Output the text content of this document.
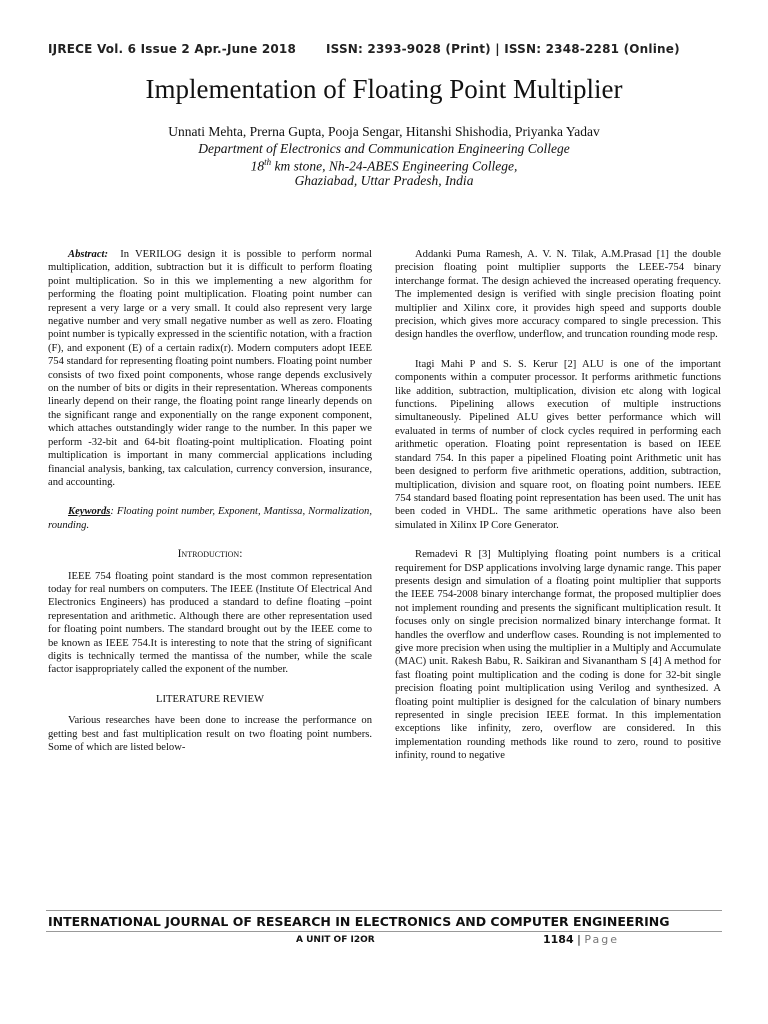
IJRECE Vol. 6 Issue 2 Apr.-June 2018 ISSN: 2393-9028 (Print) | ISSN: 2348-2281 (Online)
Implementation of Floating Point Multiplier
Unnati Mehta, Prerna Gupta, Pooja Sengar, Hitanshi Shishodia, Priyanka Yadav
Department of Electronics and Communication Engineering College
18th km stone, Nh-24-ABES Engineering College,
Ghaziabad, Uttar Pradesh, India

Abstract: In VERILOG design it is possible to perform normal multiplication, addition, subtraction but it is difficult to perform floating point multiplication. So in this we implementing a new algorithm for performing the floating point multiplication. Floating point number can represent a very large or a very small. It could also represent very large negative number and very small negative number as well as zero. Floating point number is typically expressed in the scientific notation, with a fraction (F), and exponent (E) of a certain radix(r). Modern computers adopt IEEE 754 standard for representing floating point numbers. Floating point number consists of two fixed point components, whose range depends exclusively on the number of bits or digits in their representation. Whereas components linearly depend on their range, the floating point range linearly depends on the significant range and exponentially on the range exponent component, which attaches outstandingly wider range to the number. In this paper we perform -32-bit and 64-bit floating-point multiplication. Floating point multiplication is important in many commercial applications including financial analysis, banking, tax calculation, currency conversion, insurance, and accounting.

Keywords: Floating point number, Exponent, Mantissa, Normalization, rounding.

Introduction:

IEEE 754 floating point standard is the most common representation today for real numbers on computers. The IEEE (Institute Of Electrical And Electronics Engineers) has produced a standard to define floating –point representation and arithmetic. Although there are other representation used for floating point numbers. The standard brought out by the IEEE come to be known as IEEE 754.It is interesting to note that the string of significant digits is technically termed the mantissa of the number, while the scale factor isappropriately called the exponent of the number.

LITERATURE REVIEW

Various researches have been done to increase the performance on getting best and fast multiplication result on two floating point numbers. Some of which are listed below-

Addanki Puma Ramesh, A. V. N. Tilak, A.M.Prasad [1] the double precision floating point multiplier supports the LEEE-754 binary interchange format. The design achieved the increased operating frequency. The implemented design is verified with single precision floating point multiplier and Xilinx core, it provides high speed and supports double precision, which gives more accuracy compared to single precession. This design handles the overflow, underflow, and truncation rounding mode resp.

Itagi Mahi P and S. S. Kerur [2] ALU is one of the important components within a computer processor. It performs arithmetic functions like addition, subtraction, multiplication, division etc along with logical functions. Pipelining allows execution of multiple instructions simultaneously. Pipelined ALU gives better performance which will evaluated in terms of number of clock cycles required in performing each arithmetic operation. Floating point representation is based on IEEE standard 754. In this paper a pipelined Floating point Arithmetic unit has been designed to perform five arithmetic operations, addition, subtraction, multiplication, division and square root, on floating point numbers. IEEE 754 standard based floating point representation has been used. The unit has been coded in VHDL. The same arithmetic operations have also been simulated in Xilinx IP Core Generator.

Remadevi R [3] Multiplying floating point numbers is a critical requirement for DSP applications involving large dynamic range. This paper presents design and simulation of a floating point multiplier that supports the IEEE 754-2008 binary interchange format, the proposed multiplier does not implement rounding and presents the significant multiplication result. It focuses only on single precision normalized binary interchange format. It handles the overflow and underflow cases. Rounding is not implemented to give more precision when using the multiplier in a Multiply and Accumulate (MAC) unit. Rakesh Babu, R. Saikiran and Sivanantham S [4] A method for fast floating point multiplication and the coding is done for 32-bit single precision floating point multiplication using Verilog and synthesized. A floating point multiplier is designed for the calculation of binary numbers represented in single precision IEEE format. In this implementation exceptions like infinity, zero, overflow are considered. In this implementation rounding methods like round to zero, round to positive infinity, round to negative

INTERNATIONAL JOURNAL OF RESEARCH IN ELECTRONICS AND COMPUTER ENGINEERING
A UNIT OF I2OR	1184 | Page
